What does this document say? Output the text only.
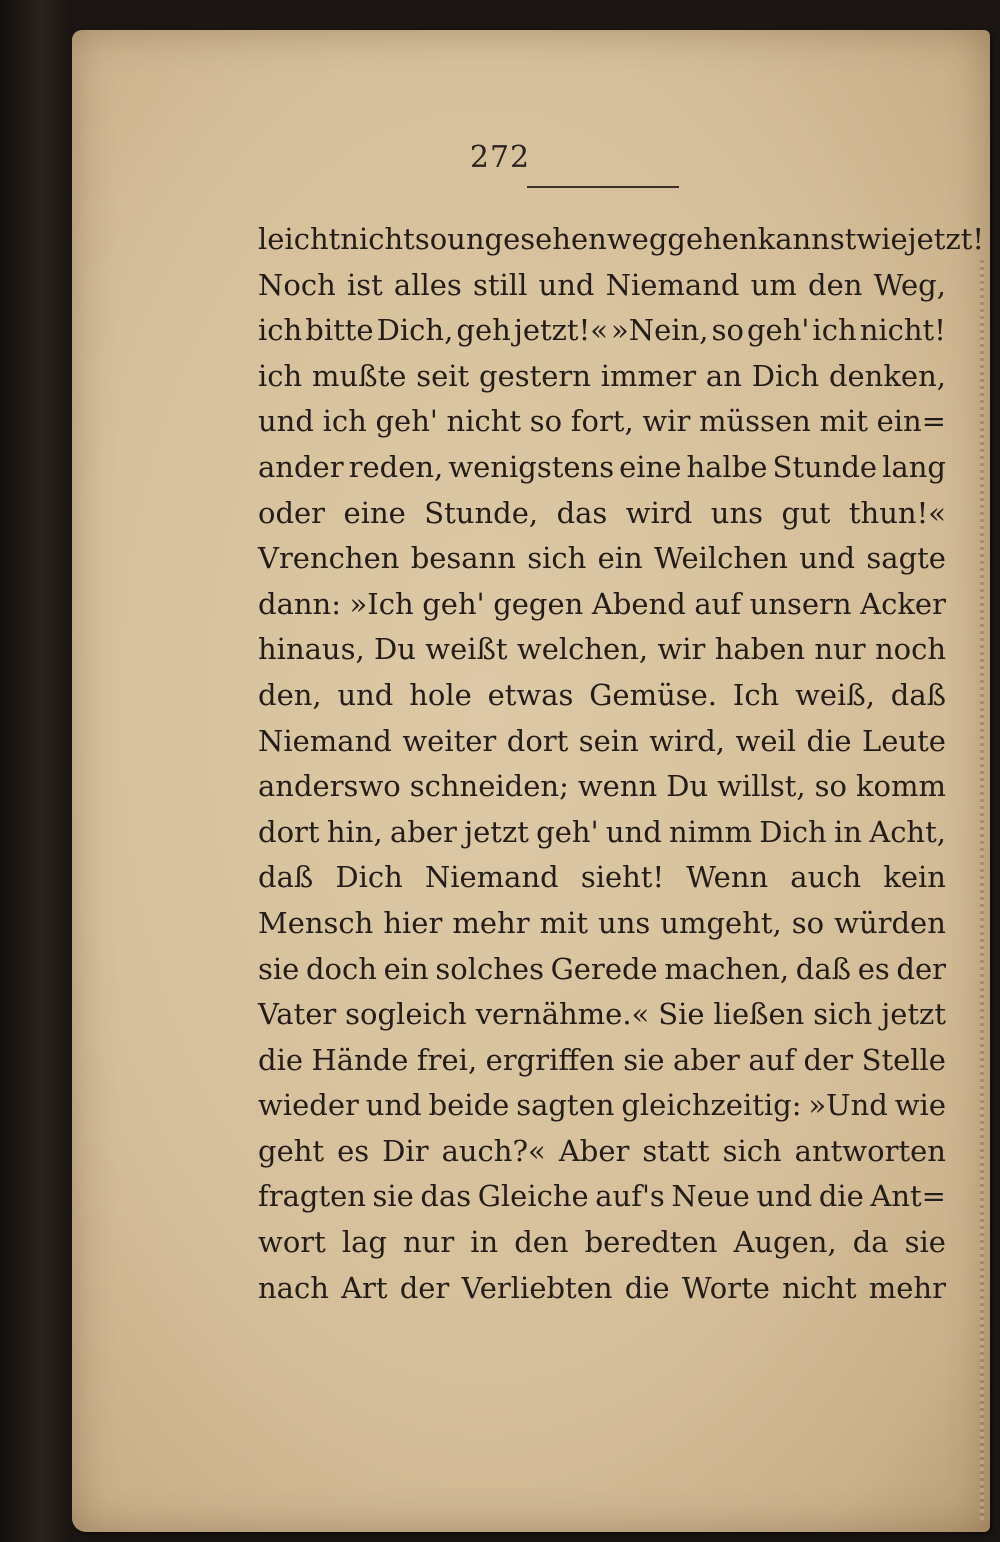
272
leicht nicht so ungesehen weggehen kannst wie jetzt!
Noch ist alles still und Niemand um den Weg,
ich bitte Dich, geh jetzt!« »Nein, so geh' ich nicht!
ich mußte seit gestern immer an Dich denken,
und ich geh' nicht so fort, wir müssen mit ein=
ander reden, wenigstens eine halbe Stunde lang
oder eine Stunde, das wird uns gut thun!«
Vrenchen besann sich ein Weilchen und sagte
dann: »Ich geh' gegen Abend auf unsern Acker
hinaus, Du weißt welchen, wir haben nur noch
den, und hole etwas Gemüse. Ich weiß, daß
Niemand weiter dort sein wird, weil die Leute
anderswo schneiden; wenn Du willst, so komm
dort hin, aber jetzt geh' und nimm Dich in Acht,
daß Dich Niemand sieht! Wenn auch kein
Mensch hier mehr mit uns umgeht, so würden
sie doch ein solches Gerede machen, daß es der
Vater sogleich vernähme.« Sie ließen sich jetzt
die Hände frei, ergriffen sie aber auf der Stelle
wieder und beide sagten gleichzeitig: »Und wie
geht es Dir auch?« Aber statt sich antworten
fragten sie das Gleiche auf's Neue und die Ant=
wort lag nur in den beredten Augen, da sie
nach Art der Verliebten die Worte nicht mehr
